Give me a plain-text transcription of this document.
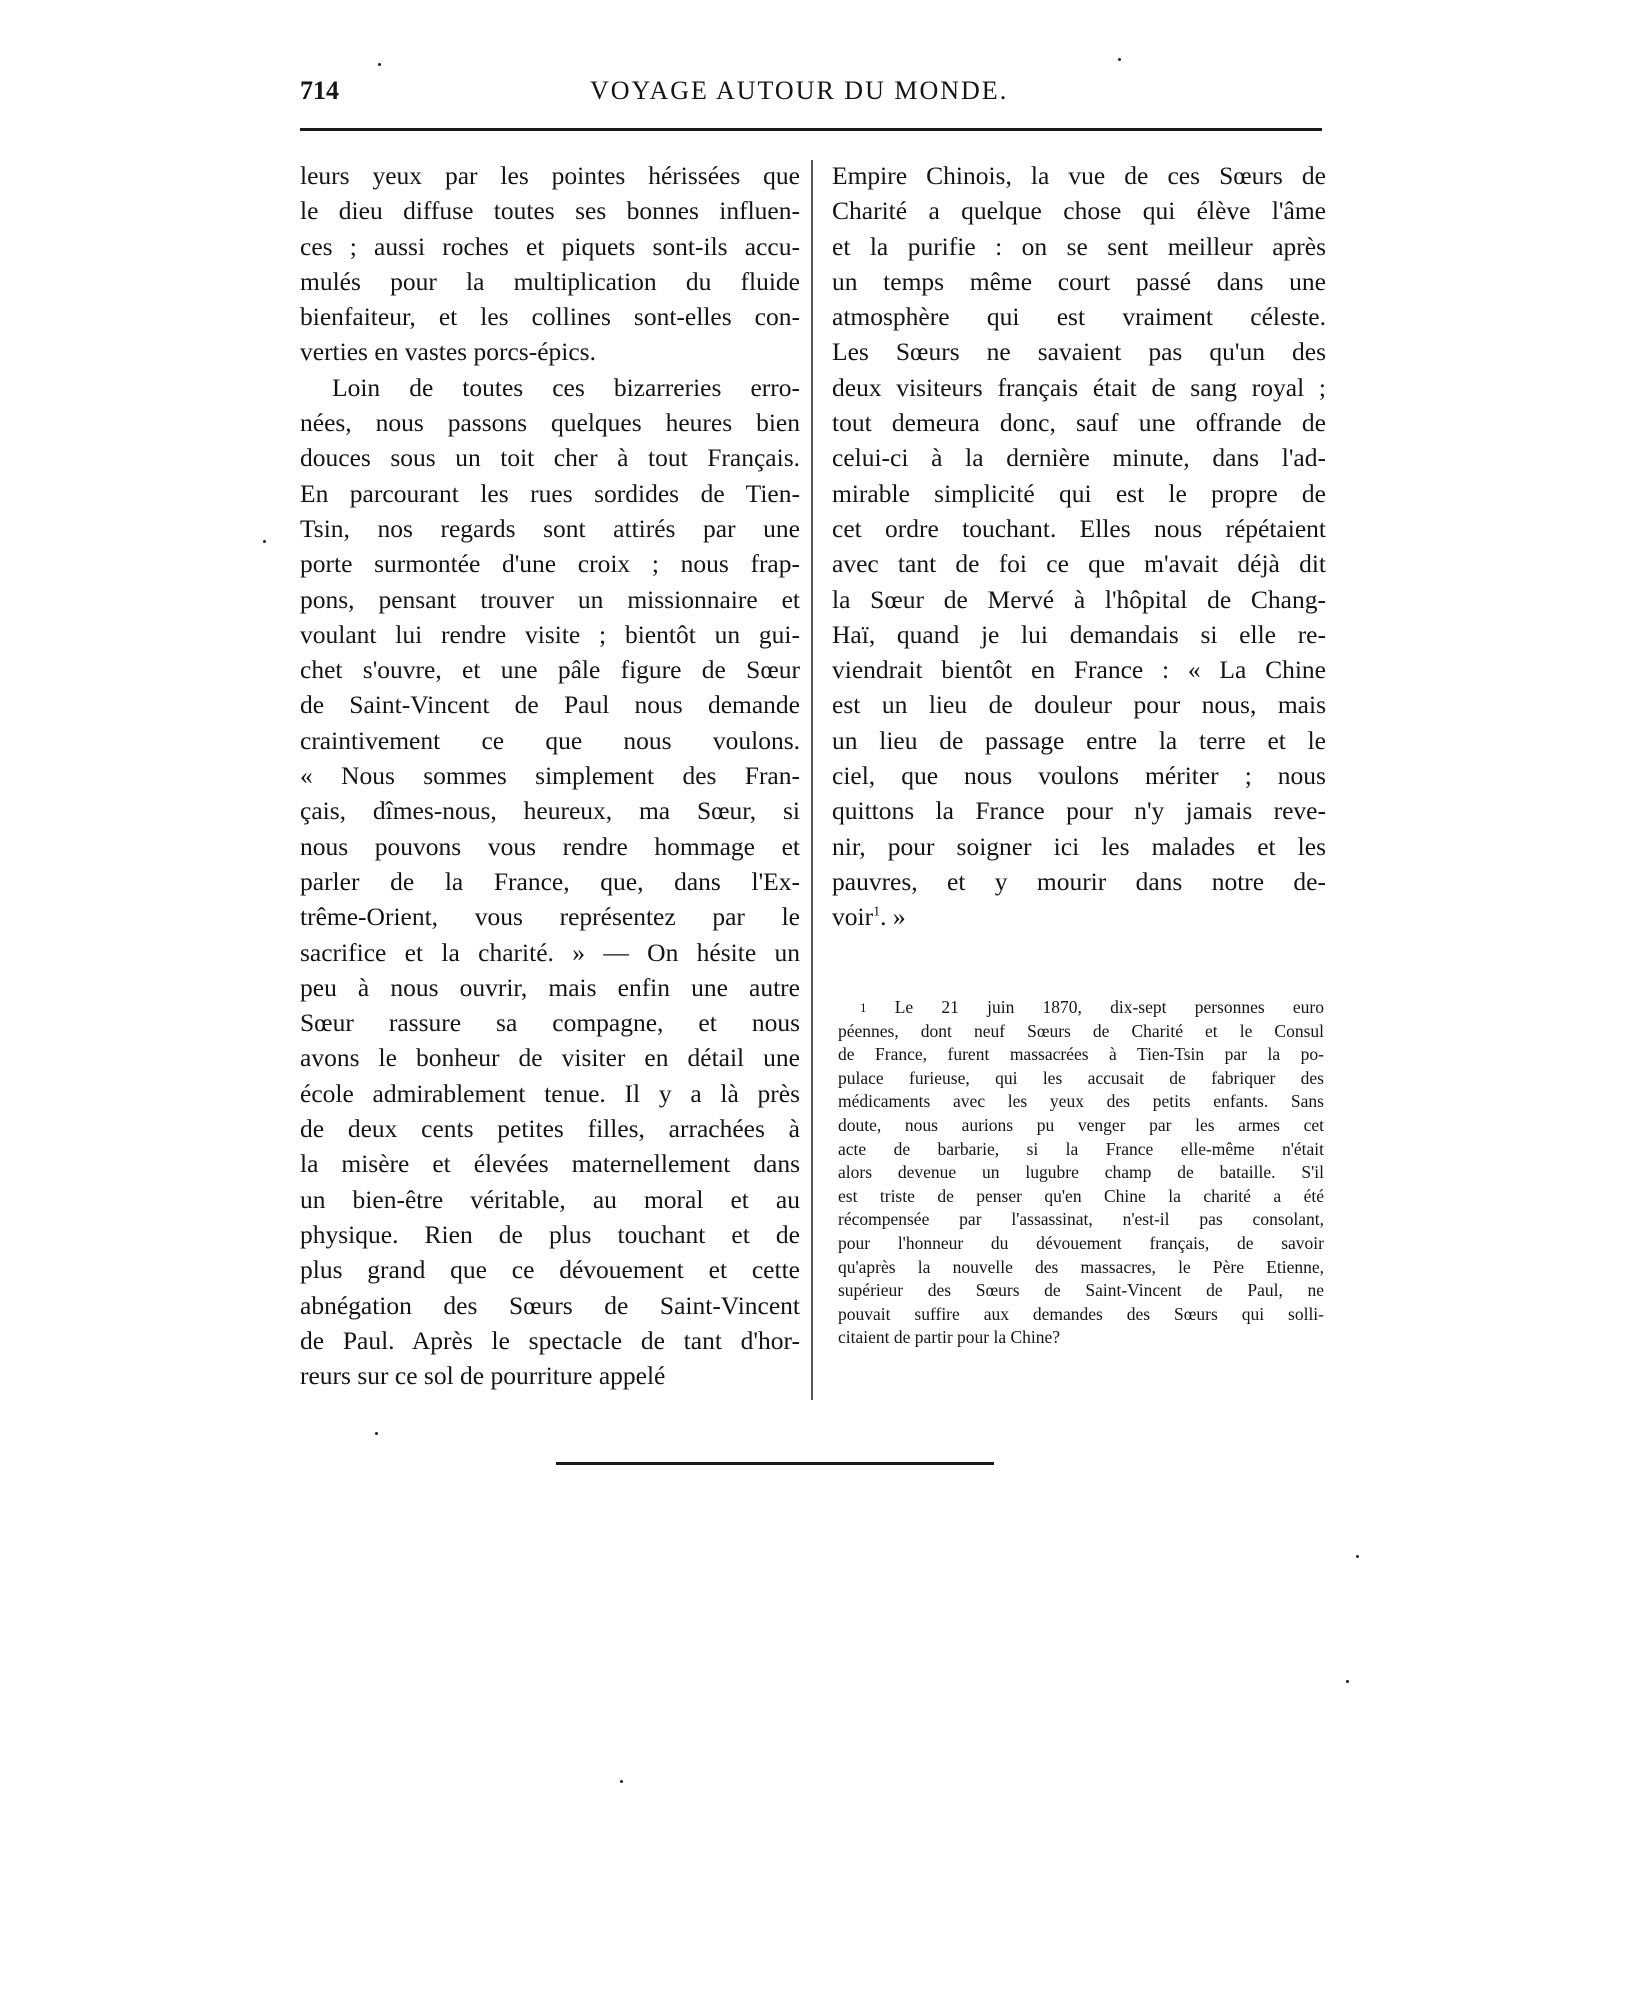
714	VOYAGE AUTOUR DU MONDE.
leurs yeux par les pointes hérissées que
le dieu diffuse toutes ses bonnes influen-
ces ; aussi roches et piquets sont-ils accu-
mulés pour la multiplication du fluide
bienfaiteur, et les collines sont-elles con-
verties en vastes porcs-épics.
Loin de toutes ces bizarreries erro-
nées, nous passons quelques heures bien
douces sous un toit cher à tout Français.
En parcourant les rues sordides de Tien-
Tsin, nos regards sont attirés par une
porte surmontée d'une croix ; nous frap-
pons, pensant trouver un missionnaire et
voulant lui rendre visite ; bientôt un gui-
chet s'ouvre, et une pâle figure de Sœur
de Saint-Vincent de Paul nous demande
craintivement ce que nous voulons.
« Nous sommes simplement des Fran-
çais, dîmes-nous, heureux, ma Sœur, si
nous pouvons vous rendre hommage et
parler de la France, que, dans l'Ex-
trême-Orient, vous représentez par le
sacrifice et la charité. » — On hésite un
peu à nous ouvrir, mais enfin une autre
Sœur rassure sa compagne, et nous
avons le bonheur de visiter en détail une
école admirablement tenue. Il y a là près
de deux cents petites filles, arrachées à
la misère et élevées maternellement dans
un bien-être véritable, au moral et au
physique. Rien de plus touchant et de
plus grand que ce dévouement et cette
abnégation des Sœurs de Saint-Vincent
de Paul. Après le spectacle de tant d'hor-
reurs sur ce sol de pourriture appelé
Empire Chinois, la vue de ces Sœurs de
Charité a quelque chose qui élève l'âme
et la purifie : on se sent meilleur après
un temps même court passé dans une
atmosphère qui est vraiment céleste.
Les Sœurs ne savaient pas qu'un des
deux visiteurs français était de sang royal ;
tout demeura donc, sauf une offrande de
celui-ci à la dernière minute, dans l'ad-
mirable simplicité qui est le propre de
cet ordre touchant. Elles nous répétaient
avec tant de foi ce que m'avait déjà dit
la Sœur de Mervé à l'hôpital de Chang-
Haï, quand je lui demandais si elle re-
viendrait bientôt en France : « La Chine
est un lieu de douleur pour nous, mais
un lieu de passage entre la terre et le
ciel, que nous voulons mériter ; nous
quittons la France pour n'y jamais reve-
nir, pour soigner ici les malades et les
pauvres, et y mourir dans notre de-
voir$^1$. »
$^1$ Le 21 juin 1870, dix-sept personnes euro
péennes, dont neuf Sœurs de Charité et le Consul
de France, furent massacrées à Tien-Tsin par la po-
pulace furieuse, qui les accusait de fabriquer des
médicaments avec les yeux des petits enfants. Sans
doute, nous aurions pu venger par les armes cet
acte de barbarie, si la France elle-même n'était
alors devenue un lugubre champ de bataille. S'il
est triste de penser qu'en Chine la charité a été
récompensée par l'assassinat, n'est-il pas consolant,
pour l'honneur du dévouement français, de savoir
qu'après la nouvelle des massacres, le Père Etienne,
supérieur des Sœurs de Saint-Vincent de Paul, ne
pouvait suffire aux demandes des Sœurs qui solli-
citaient de partir pour la Chine?
